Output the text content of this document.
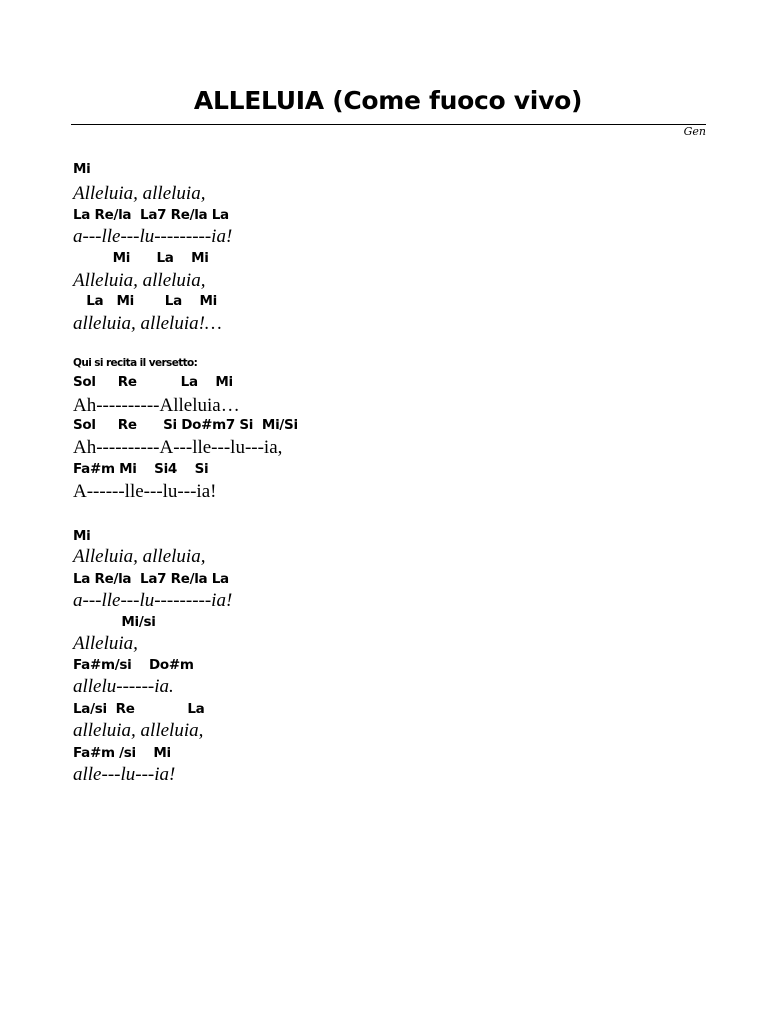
ALLELUIA (Come fuoco vivo)
Gen
Mi
Alleluia, alleluia,
La Re/la  La7 Re/la La
a---lle---lu---------ia!
Mi      La    Mi
Alleluia, alleluia,
La   Mi       La    Mi
alleluia, alleluia!…
Qui si recita il versetto:
Sol     Re          La    Mi
Ah----------Alleluia…
Sol     Re      Si Do#m7 Si  Mi/Si
Ah----------A---lle---lu---ia,
Fa#m Mi    Si4    Si
A------lle---lu---ia!
Mi
Alleluia, alleluia,
La Re/la  La7 Re/la La
a---lle---lu---------ia!
Mi/si
Alleluia,
Fa#m/si    Do#m
allelu------ia.
La/si  Re            La
alleluia, alleluia,
Fa#m /si    Mi
alle---lu---ia!
